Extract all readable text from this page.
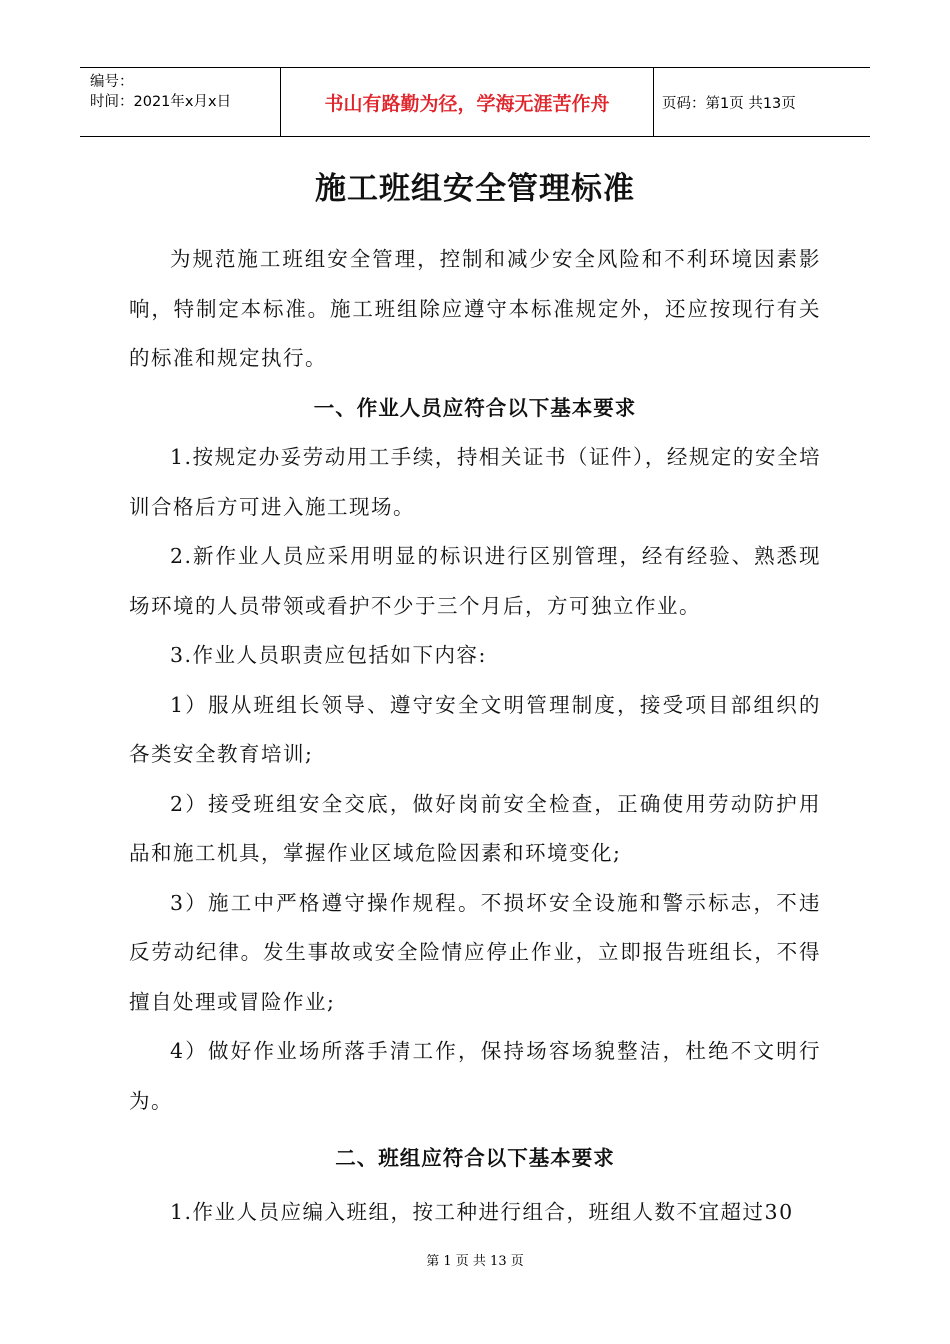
编号：
时间：2021年x月x日	书山有路勤为径，学海无涯苦作舟	页码：第1页 共13页
施工班组安全管理标准

为规范施工班组安全管理，控制和减少安全风险和不利环境因素影响，特制定本标准。施工班组除应遵守本标准规定外，还应按现行有关的标准和规定执行。

一、作业人员应符合以下基本要求

1.按规定办妥劳动用工手续，持相关证书（证件），经规定的安全培训合格后方可进入施工现场。

2.新作业人员应采用明显的标识进行区别管理，经有经验、熟悉现场环境的人员带领或看护不少于三个月后，方可独立作业。

3.作业人员职责应包括如下内容:

1）服从班组长领导、遵守安全文明管理制度，接受项目部组织的各类安全教育培训;

2）接受班组安全交底，做好岗前安全检查，正确使用劳动防护用品和施工机具，掌握作业区域危险因素和环境变化;

3）施工中严格遵守操作规程。不损坏安全设施和警示标志，不违反劳动纪律。发生事故或安全险情应停止作业，立即报告班组长，不得擅自处理或冒险作业;

4）做好作业场所落手清工作，保持场容场貌整洁，杜绝不文明行为。

二、班组应符合以下基本要求

1.作业人员应编入班组，按工种进行组合，班组人数不宜超过30

第 1 页 共 13 页
